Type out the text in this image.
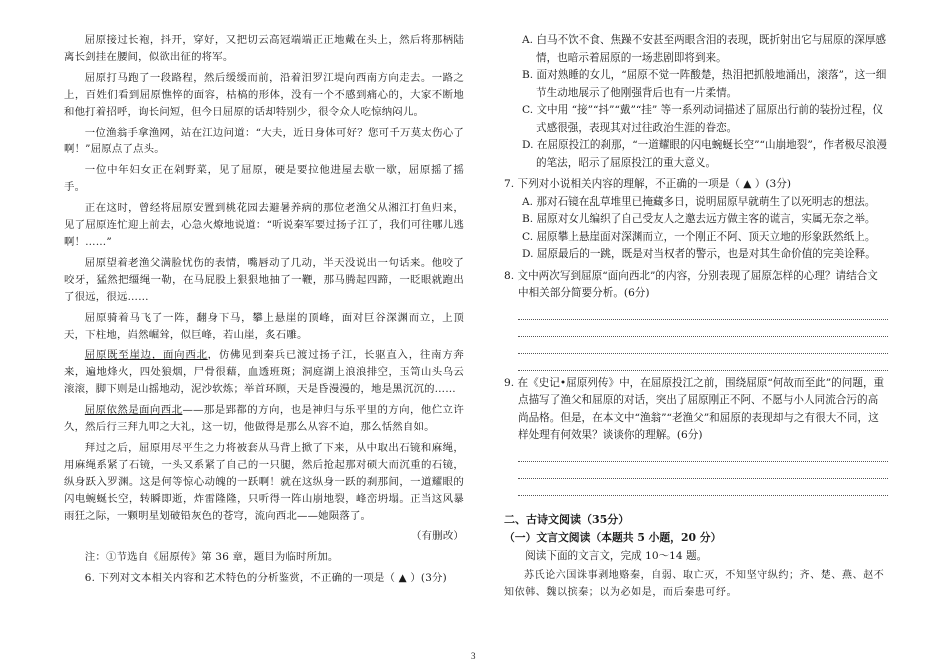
屈原接过长袍，抖开，穿好，又把切云高冠端端正正地戴在头上，然后将那柄陆离长剑挂在腰间，似欲出征的将军。

屈原打马跑了一段路程，然后缓缓而前，沿着汨罗江堤向西南方向走去。一路之上，百姓们看到屈原憔悴的面容，枯槁的形体，没有一个不感到痛心的，大家不断地和他打着招呼，询长问短，但今日屈原的话却特别少，很令众人吃惊纳闷儿。

一位渔翁手拿渔网，站在江边问道：“大夫，近日身体可好？您可千万莫太伤心了啊！”屈原点了点头。

一位中年妇女正在剁野菜，见了屈原，硬是要拉他进屋去歇一歇，屈原摇了摇手。

正在这时，曾经将屈原安置到桃花园去避暑养病的那位老渔父从湘江打鱼归来，见了屈原连忙迎上前去，心急火燎地说道：“听说秦军要过扬子江了，我们可往哪儿逃啊！……”

屈原望着老渔父满脸忧伤的表情，嘴唇动了几动，半天没说出一句话来。他咬了咬牙，猛然把缰绳一勒，在马屁股上狠狠地抽了一鞭，那马腾起四蹄，一眨眼就跑出了很远，很远……

屈原骑着马飞了一阵，翻身下马，攀上悬崖的顶峰，面对巨谷深渊而立，上顶天，下柱地，岿然崛耸，似巨峰，若山崖，炙石雕。

屈原既至崖边，面向西北，仿佛见到秦兵已渡过扬子江，长驱直入，往南方奔来，遍地烽火，四处狼烟，尸骨很藉，血透班斑；洞庭湖上浪浪排空，玉笥山头乌云滚滚，脚下则是山摇地动，泥沙软炼；举首环顾，天是昏漫漫的，地是黑沉沉的……

屈原依然是面向西北——那是郢都的方向，也是神归与乐平里的方向，他伫立许久，然后行三拜九叩之大礼，这一切，他做得是那么从容不迫，那么恬然自如。

拜过之后，屈原用尽平生之力将被套从马背上掀了下来，从中取出石镜和麻绳，用麻绳系紧了石镜，一头又系紧了自己的一只腿，然后抢起那对硕大而沉重的石镜，纵身跃入罗渊。这是何等惊心动魄的一跃啊！就在这纵身一跃的刹那间，一道耀眼的闪电蜿蜒长空，转瞬即逝，炸雷隆隆，只听得一阵山崩地裂，峰峦坍塌。正当这风暴雨狂之际，一颗明星划破铅灰色的苍穹，流向西北——她陨落了。

（有删改）

注：①节选自《屈原传》第 36 章，题目为临时所加。

6. 下列对文本相关内容和艺术特色的分析鉴赏，不正确的一项是（ ▲ ）(3分)

A. 白马不饮不食、焦躁不安甚至两眼含泪的表现，既折射出它与屈原的深厚感情，也暗示着屈原的一场悲剧即将到来。

B. 面对熟睡的女儿，“屈原不觉一阵酸楚，热泪把抓般地涌出，滚落”，这一细节生动地展示了他刚强背后也有一片柔情。

C. 文中用 “接”“抖”“戴”“挂” 等一系列动词描述了屈原出行前的装扮过程，仪式感很强，表现其对过往政治生涯的眷恋。

D. 在屈原投江的刹那，“一道耀眼的闪电蜿蜒长空”“山崩地裂”，作者极尽浪漫的笔法，昭示了屈原投江的重大意义。

7. 下列对小说相关内容的理解，不正确的一项是（ ▲ ）(3分)

A. 那对石镜在乱草堆里已掩藏多日，说明屈原早就萌生了以死明志的想法。

B. 屈原对女儿编织了自己受友人之邀去远方做主客的谎言，实属无奈之举。

C. 屈原攀上悬崖面对深渊而立，一个刚正不阿、顶天立地的形象跃然纸上。

D. 屈原最后的一跳，既是对当权者的警示，也是对其生命价值的完美诠释。

8. 文中两次写到屈原“面向西北”的内容，分别表现了屈原怎样的心理？请结合文中相关部分简要分析。(6分)

9. 在《史记•屈原列传》中，在屈原投江之前，围绕屈原“何故而至此”的问题，重点描写了渔父和屈原的对话，突出了屈原刚正不阿、不愿与小人同流合污的高尚品格。但是，在本文中“渔翁”“老渔父”和屈原的表现却与之有很大不同，这样处理有何效果？谈谈你的理解。(6分)

二、古诗文阅读（35分）

（一）文言文阅读（本题共 5 小题，20 分）

阅读下面的文言文，完成 10～14 题。

苏氏论六国诛事剥地赂秦，自弱、取亡灭，不知坚守纵约；齐、楚、燕、赵不知依韩、魏以摈秦；以为必如是，而后秦患可纾。

3
